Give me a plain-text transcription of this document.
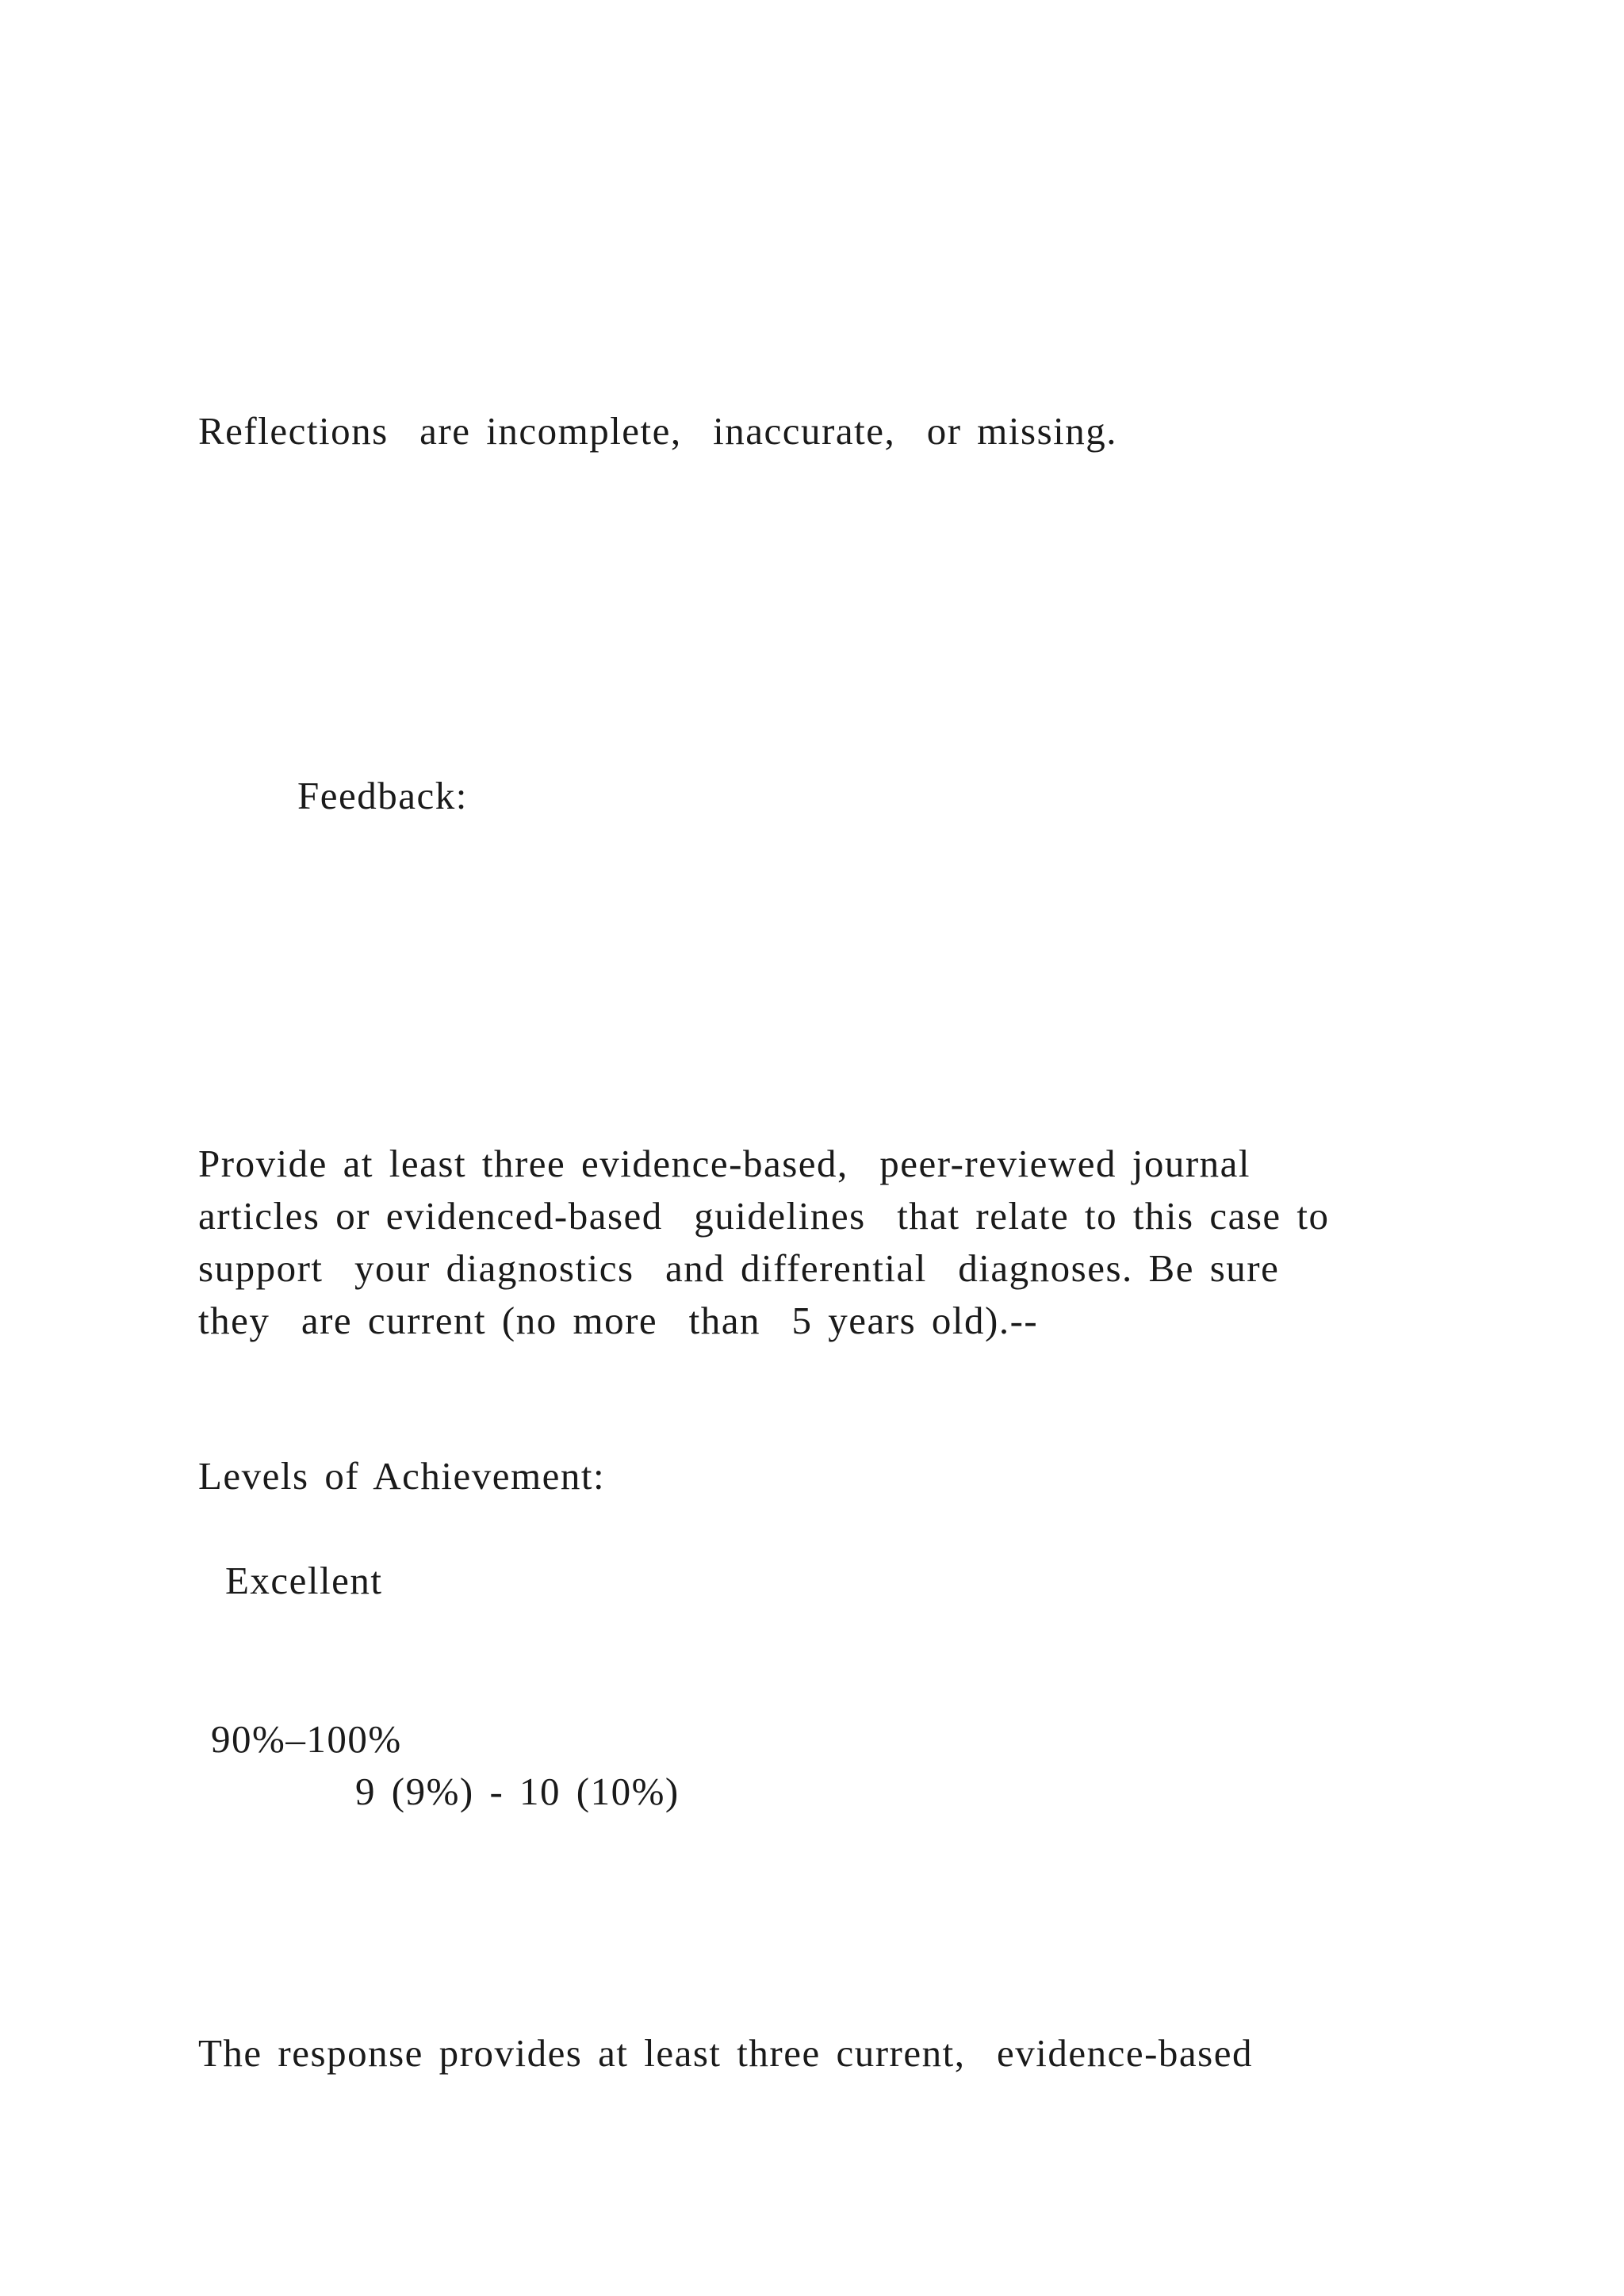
Reflections  are incomplete,  inaccurate,  or missing.
Feedback:
Provide at least three evidence-based,  peer-reviewed journal
articles or evidenced-based  guidelines  that relate to this case to
support  your diagnostics  and differential  diagnoses. Be sure
they  are current (no more  than  5 years old).--
Levels of Achievement:
Excellent
90%–100%
9 (9%) - 10 (10%)
The response provides at least three current,  evidence-based
